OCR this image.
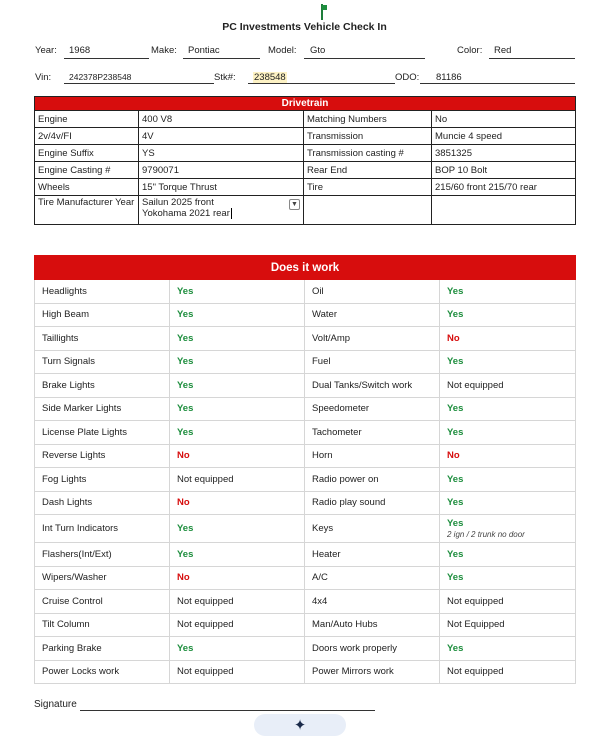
PC Investments Vehicle Check In
Year: 1968	Make: Pontiac	Model: Gto	Color: Red
Vin: 242378P238548	Stk#: 238548	ODO: 81186
Drivetrain			
Engine	400 V8	Matching Numbers	No
2v/4v/FI	4V	Transmission	Muncie 4 speed
Engine Suffix	YS	Transmission casting #	3851325
Engine Casting #	9790071	Rear End	BOP 10 Bolt
Wheels	15" Torque Thrust	Tire	215/60 front 215/70 rear
Tire Manufacturer Year	Sailun 2025 front
Yokohama 2021 rear
▼		

Does it work			
Headlights	Yes	Oil	Yes
High Beam	Yes	Water	Yes
Taillights	Yes	Volt/Amp	No
Turn Signals	Yes	Fuel	Yes
Brake Lights	Yes	Dual Tanks/Switch work	Not equipped
Side Marker Lights	Yes	Speedometer	Yes
License Plate Lights	Yes	Tachometer	Yes
Reverse Lights	No	Horn	No
Fog Lights	Not equipped	Radio power on	Yes
Dash Lights	No	Radio play sound	Yes
Int Turn Indicators	Yes	Keys	Yes
2 ign / 2 trunk no door

Flashers(Int/Ext)	Yes	Heater	Yes
Wipers/Washer	No	A/C	Yes
Cruise Control	Not equipped	4x4	Not equipped
Tilt Column	Not equipped	Man/Auto Hubs	Not Equipped
Parking Brake	Yes	Doors work properly	Yes
Power Locks work	Not equipped	Power Mirrors work	Not equipped
Signature
✦
